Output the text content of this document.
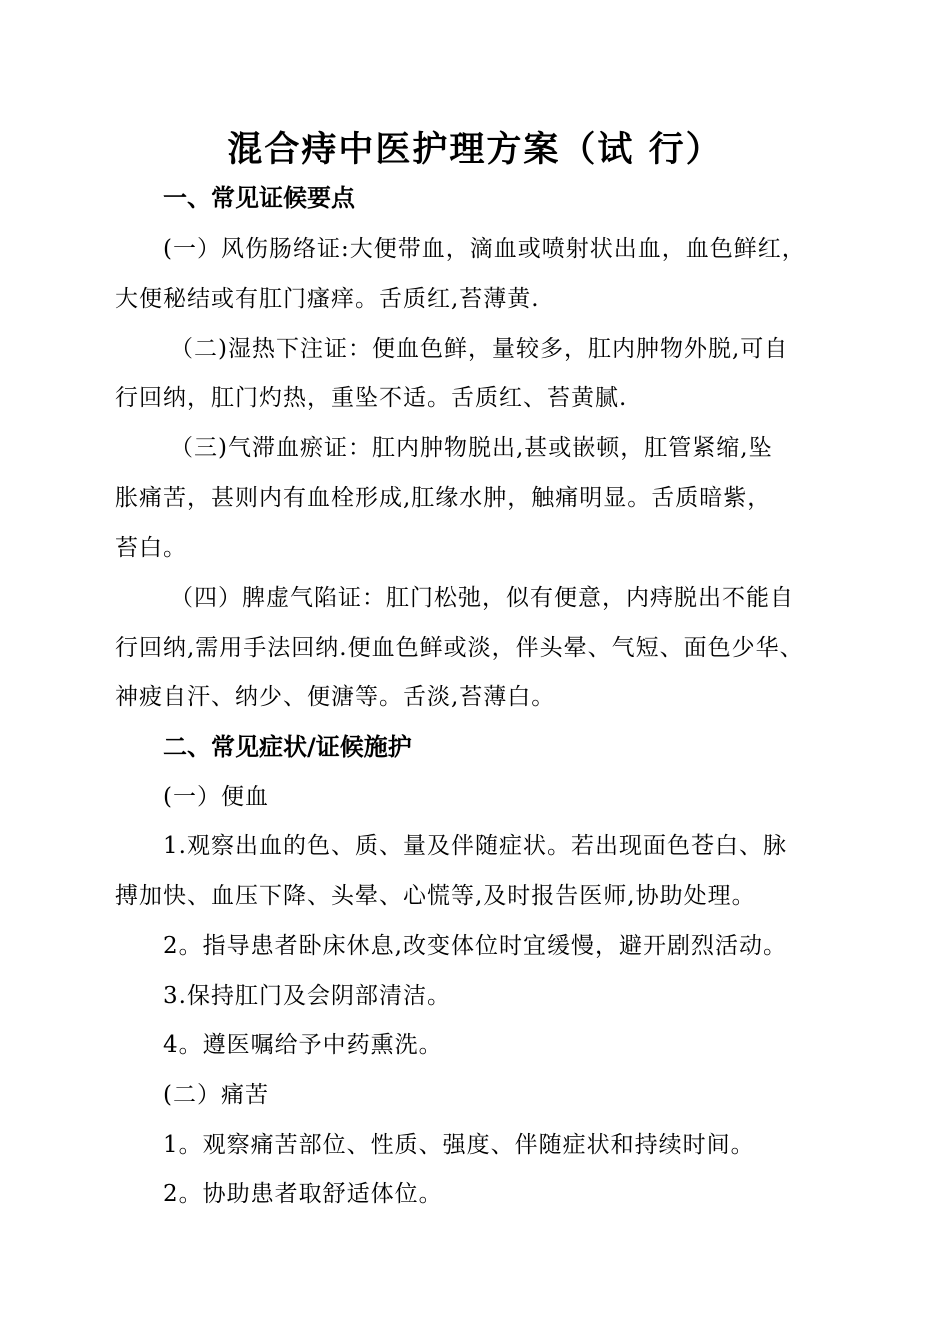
混合痔中医护理方案（试 行）
一、常见证候要点
(一）风伤肠络证:大便带血，滴血或喷射状出血，血色鲜红，
大便秘结或有肛门瘙痒。舌质红,苔薄黄.
（二)湿热下注证：便血色鲜，量较多，肛内肿物外脱,可自
行回纳，肛门灼热，重坠不适。舌质红、苔黄腻.
（三)气滞血瘀证：肛内肿物脱出,甚或嵌顿，肛管紧缩,坠
胀痛苦，甚则内有血栓形成,肛缘水肿，触痛明显。舌质暗紫，
苔白。
（四）脾虚气陷证：肛门松弛，似有便意，内痔脱出不能自
行回纳,需用手法回纳.便血色鲜或淡，伴头晕、气短、面色少华、
神疲自汗、纳少、便溏等。舌淡,苔薄白。
二、常见症状/证候施护
(一）便血
1.观察出血的色、质、量及伴随症状。若出现面色苍白、脉
搏加快、血压下降、头晕、心慌等,及时报告医师,协助处理。
2。指导患者卧床休息,改变体位时宜缓慢，避开剧烈活动。
3.保持肛门及会阴部清洁。
4。遵医嘱给予中药熏洗。
(二）痛苦
1。观察痛苦部位、性质、强度、伴随症状和持续时间。
2。协助患者取舒适体位。
